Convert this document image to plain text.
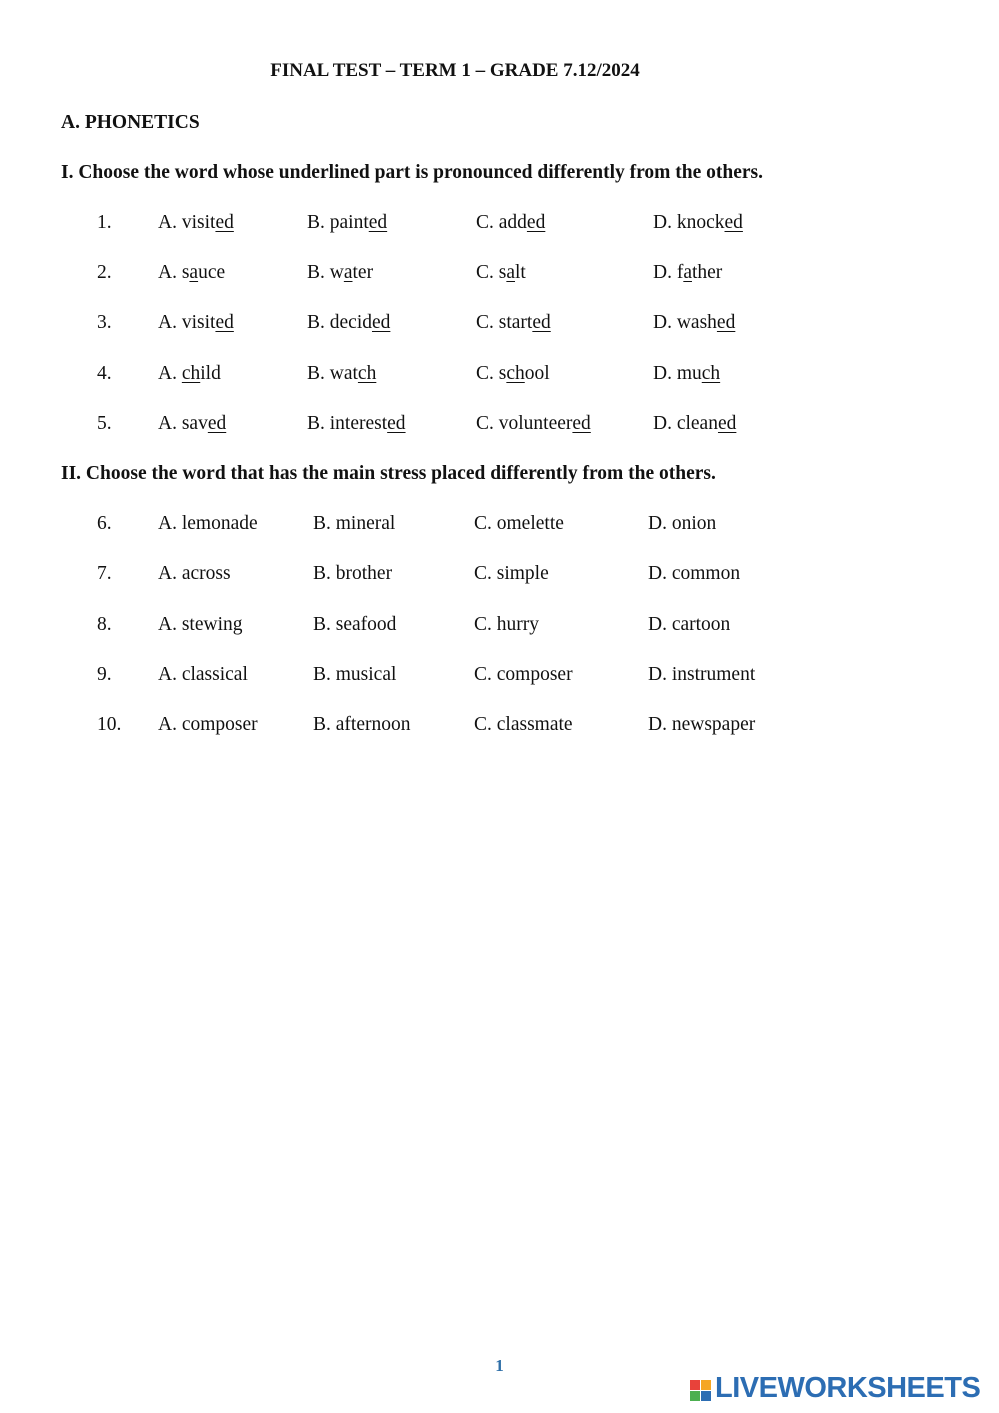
FINAL TEST – TERM 1 – GRADE 7.12/2024
A. PHONETICS
I. Choose the word whose underlined part is pronounced differently from the others.
1. A. visited	B. painted	C. added	D. knocked
2. A. sauce	B. water	C. salt	D. father
3. A. visited	B. decided	C. started	D. washed
4. A. child	B. watch	C. school	D. much
5. A. saved	B. interested	C. volunteered	D. cleaned
II. Choose the word that has the main stress placed differently from the others.
6. A. lemonade	B. mineral	C. omelette	D. onion
7. A. across	B. brother	C. simple	D. common
8. A. stewing	B. seafood	C. hurry	D. cartoon
9. A. classical	B. musical	C. composer	D. instrument
10. A. composer	B. afternoon	C. classmate	D. newspaper
1
LIVEWORKSHEETS
